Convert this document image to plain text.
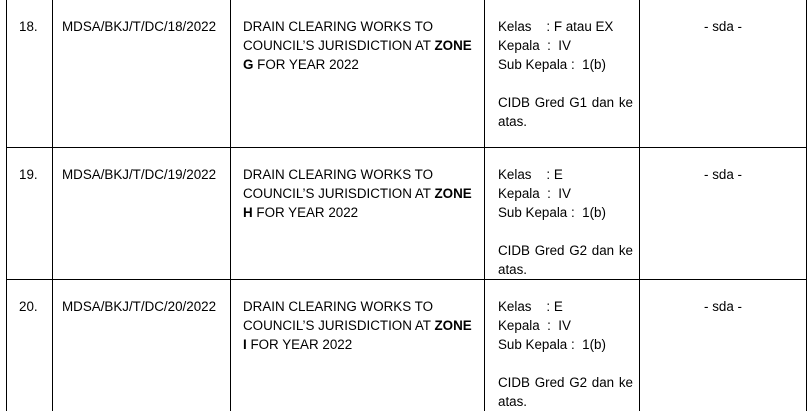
18.	MDSA/BKJ/T/DC/18/2022	DRAIN CLEARING WORKS TO COUNCIL’S JURISDICTION AT ZONE G FOR YEAR 2022	Kelas    : F atau EX
Kepala  :  IV
Sub Kepala :  1(b)
CIDB Gred G1 dan ke atas.	- sda -

19.	MDSA/BKJ/T/DC/19/2022	DRAIN CLEARING WORKS TO COUNCIL’S JURISDICTION AT ZONE H FOR YEAR 2022	Kelas    : E
Kepala  :  IV
Sub Kepala :  1(b)
CIDB Gred G2 dan ke atas.	- sda -

20.	MDSA/BKJ/T/DC/20/2022	DRAIN CLEARING WORKS TO COUNCIL’S JURISDICTION AT ZONE I FOR YEAR 2022	Kelas    : E
Kepala  :  IV
Sub Kepala :  1(b)
CIDB Gred G2 dan ke atas.	- sda -
